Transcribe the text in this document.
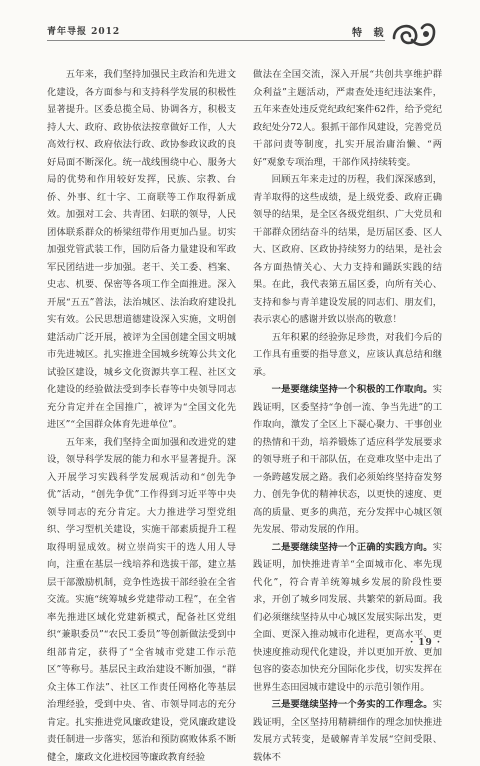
青年导报 2012	特 载

五年来，我们坚持加强民主政治和先进文化建设，各方面参与和支持科学发展的积极性显著提升。区委总揽全局、协调各方，积极支持人大、政府、政协依法按章做好工作，人大高效行权、政府依法行政、政协参政议政的良好局面不断深化。统一战线围绕中心、服务大局的优势和作用较好发挥，民族、宗教、台侨、外事、红十字、工商联等工作取得新成效。加强对工会、共青团、妇联的领导，人民团体联系群众的桥梁纽带作用更加凸显。切实加强党管武装工作，国防后备力量建设和军政军民团结进一步加强。老干、关工委、档案、史志、机要、保密等各项工作全面推进。深入开展“五五”普法，法治城区、法治政府建设扎实有效。公民思想道德建设深入实施，文明创建活动广泛开展，被评为全国创建全国文明城市先进城区。扎实推进全国城乡统筹公共文化试验区建设，城乡文化资源共享工程、社区文化建设的经验做法受到李长春等中央领导同志充分肯定并在全国推广，被评为“全国文化先进区”“全国群众体育先进单位”。

五年来，我们坚持全面加强和改进党的建设，领导科学发展的能力和水平显著提升。深入开展学习实践科学发展观活动和“创先争优”活动，“创先争优”工作得到习近平等中央领导同志的充分肯定。大力推进学习型党组织、学习型机关建设，实施干部素质提升工程取得明显成效。树立崇尚实干的选人用人导向，注重在基层一线培养和选拔干部，建立基层干部激励机制，竞争性选拔干部经验在全省交流。实施“统筹城乡党建带动工程”，在全省率先推进区域化党建新模式，配备社区党组织“兼职委员”“农民工委员”等创新做法受到中组部肯定，获得了“全省城市党建工作示范区”等称号。基层民主政治建设不断加强，“群众主体工作法”、社区工作责任网格化等基层治理经验，受到中央、省、市领导同志的充分肯定。扎实推进党风廉政建设，党风廉政建设责任制进一步落实，惩治和预防腐败体系不断健全，廉政文化进校园等廉政教育经验

做法在全国交流，深入开展“共创共享维护群众利益”主题活动，严肃查处违纪违法案件，五年来查处违反党纪政纪案件62件，给予党纪政纪处分72人。狠抓干部作风建设，完善党员干部问责等制度，扎实开展治庸治懒、“两好”观象专项治理，干部作风持续转变。

回顾五年来走过的历程，我们深深感到，青羊取得的这些成绩，是上级党委、政府正确领导的结果，是全区各级党组织、广大党员和干部群众团结奋斗的结果，是历届区委、区人大、区政府、区政协持续努力的结果，是社会各方面热情关心、大力支持和踊跃实践的结果。在此，我代表第五届区委，向所有关心、支持和参与青羊建设发展的同志们、朋友们，表示衷心的感谢并致以崇高的敬意！

五年积累的经验弥足珍贵，对我们今后的工作具有重要的指导意义，应该认真总结和继承。

一是要继续坚持一个积极的工作取向。实践证明，区委坚持“争创一流、争当先进”的工作取向，激发了全区上下凝心聚力、干事创业的热情和干劲，培养锻炼了适应科学发展要求的领导班子和干部队伍，在竞难攻坚中走出了一条跨越发展之路。我们必须始终坚持奋发努力、创先争优的精神状态，以更快的速度、更高的质量、更多的典范，充分发挥中心城区领先发展、带动发展的作用。

二是要继续坚持一个正确的实践方向。实践证明，加快推进青羊“全面城市化、率先现代化”，符合青羊统筹城乡发展的阶段性要求，开创了城乡同发展、共繁荣的新局面。我们必须继续坚持从中心城区发展实际出发，更全面、更深入推动城市化进程，更高水平、更快速度推动现代化建设，并以更加开放、更加包容的姿态加快充分国际化步伐，切实发挥在世界生态田园城市建设中的示范引领作用。

三是要继续坚持一个务实的工作理念。实践证明，全区坚持用精耕细作的理念加快推进发展方式转变，是破解青羊发展“空间受限、载体不

· 19 ·
